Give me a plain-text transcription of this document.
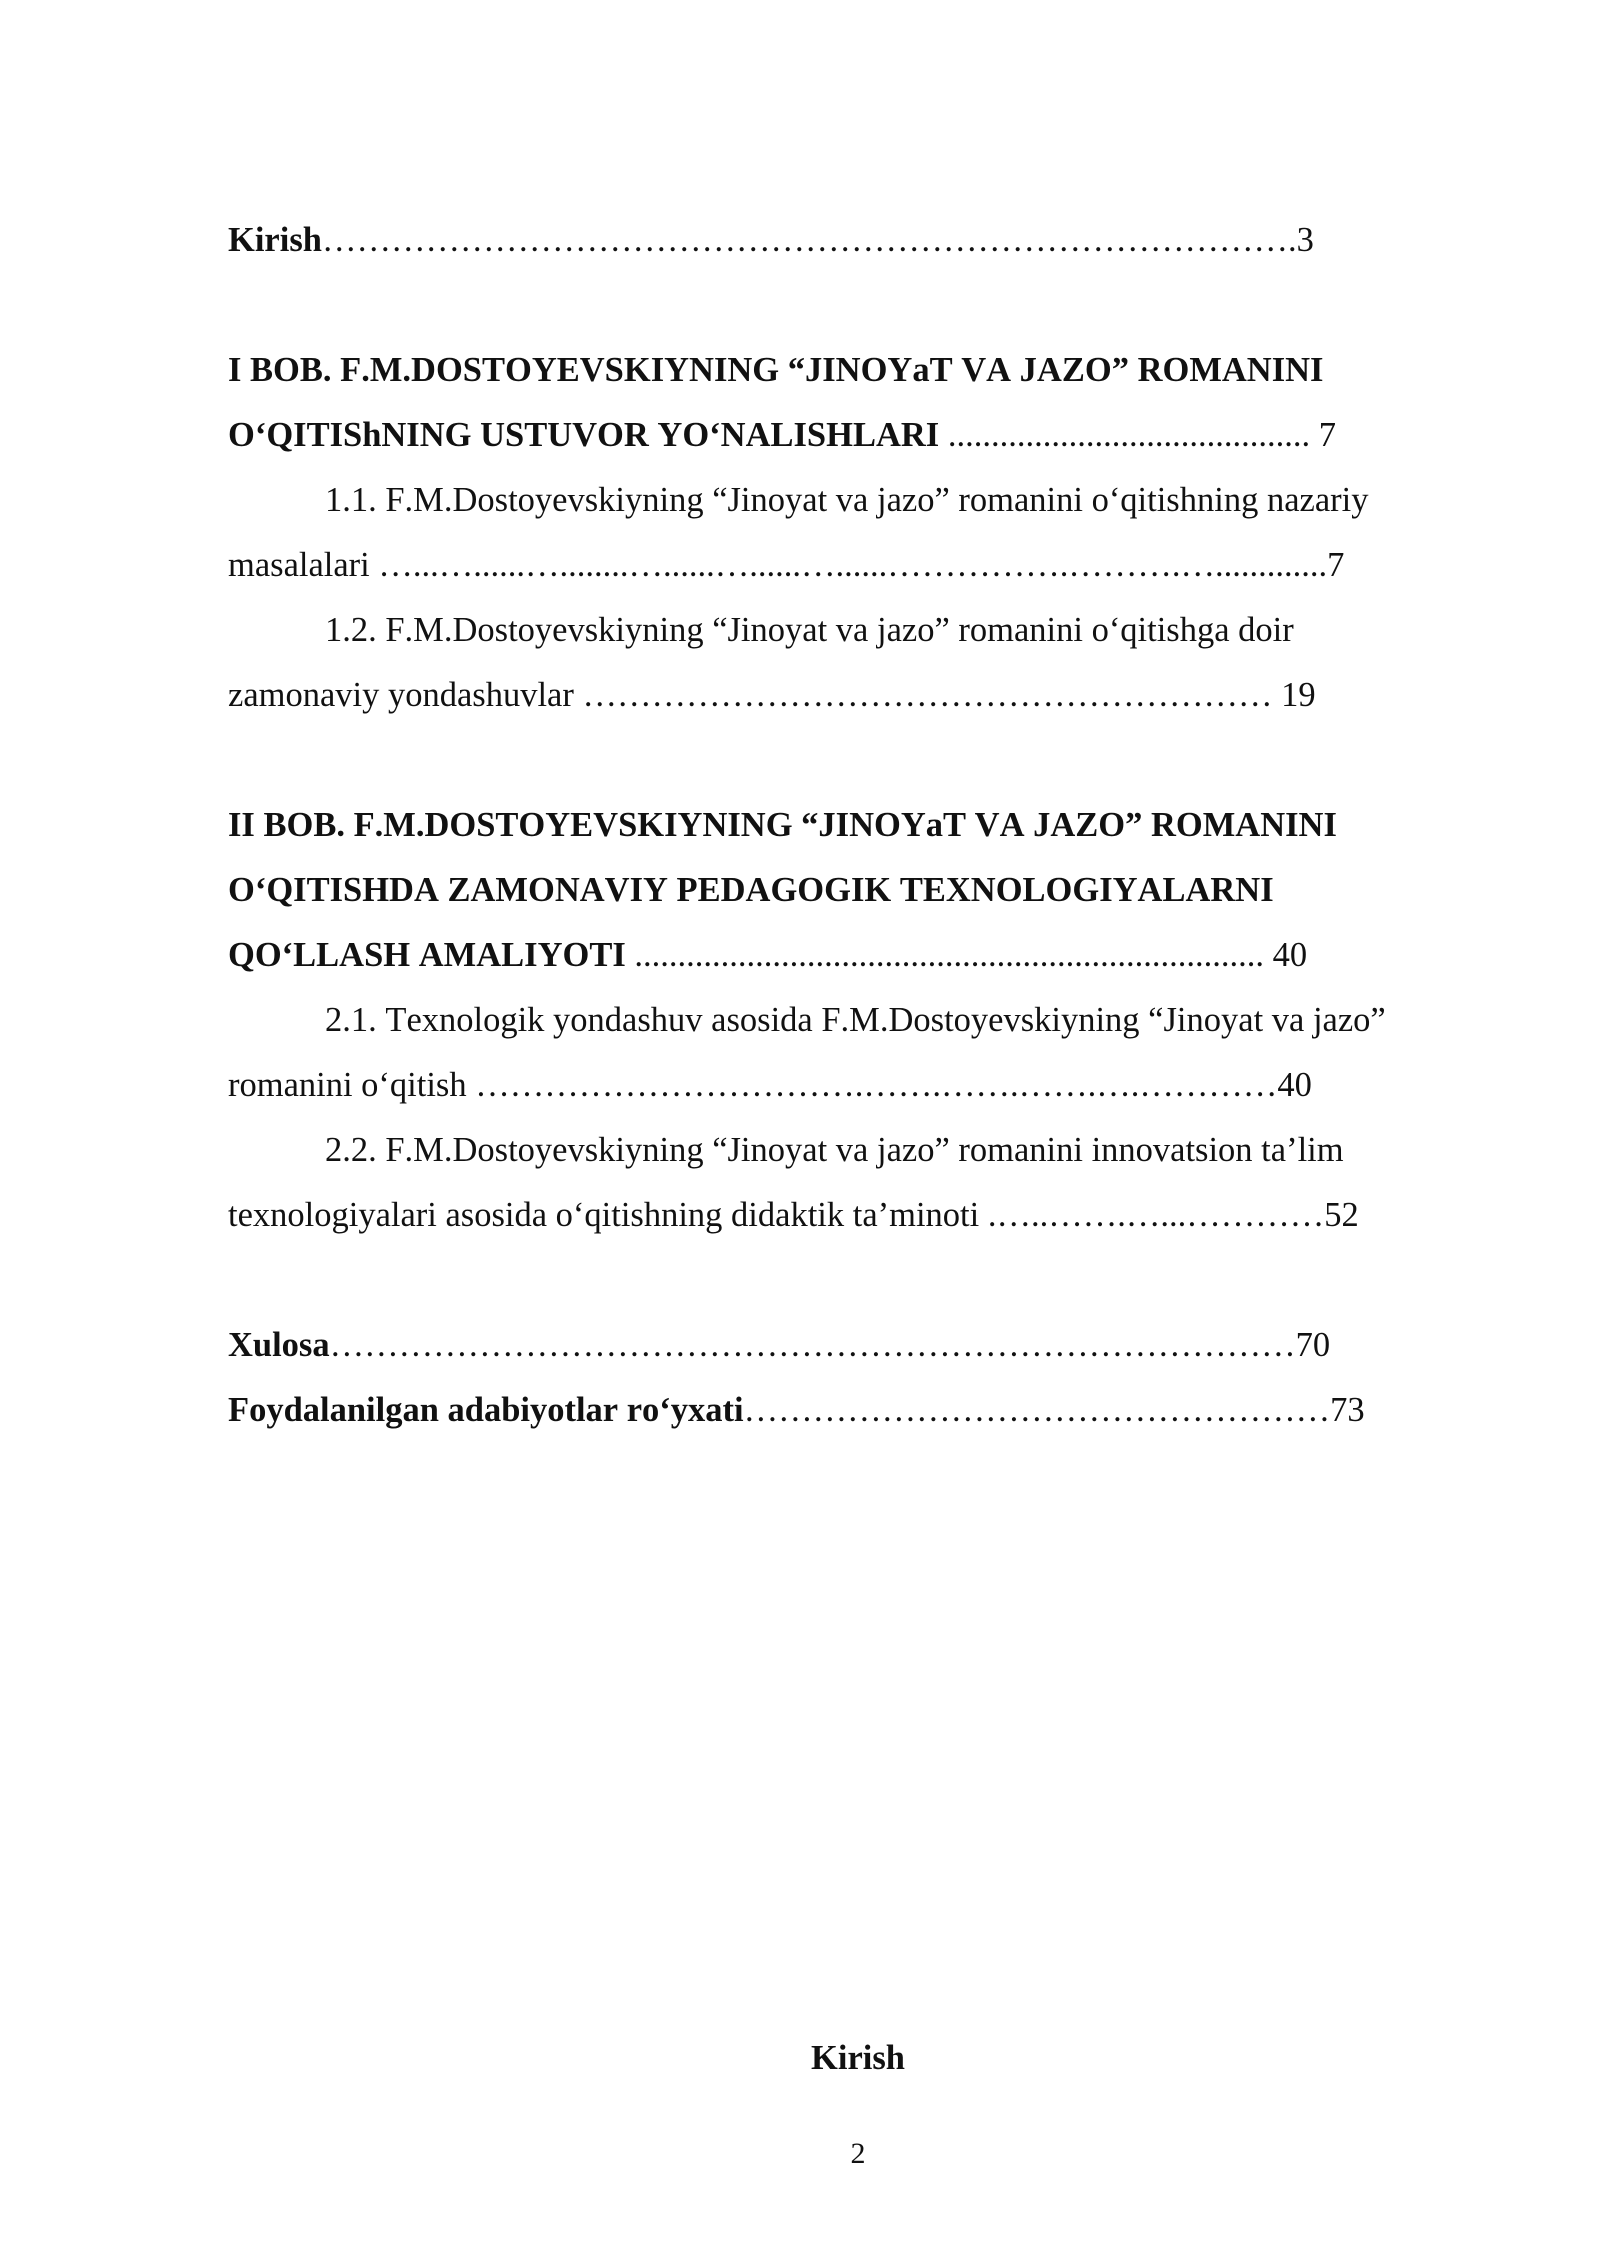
Kirish………………………………………………………………………….3
I BOB. F.M.DOSTOYEVSKIYNING “JINOYaT VA JAZO” ROMANINI
O‘QITIShNING USTUVOR YO‘NALISHLARI .......................................... 7
1.1. F.M.Dostoyevskiyning “Jinoyat va jazo” romanini o‘qitishning nazariy
masalalari …...…......…........…......…......…......…………….……….….............7
1.2. F.M.Dostoyevskiyning “Jinoyat va jazo” romanini o‘qitishga doir
zamonaviy yondashuvlar …………………………………………………… 19
II BOB. F.M.DOSTOYEVSKIYNING “JINOYaT VA JAZO” ROMANINI
O‘QITISHDA ZAMONAVIY PEDAGOGIK TEXNOLOGIYALARNI
QO‘LLASH AMALIYOTI ......................................................................... 40
2.1. Texnologik yondashuv asosida F.M.Dostoyevskiyning “Jinoyat va jazo”
romanini o‘qitish …………………………….…….…….…….….…………40
2.2. F.M.Dostoyevskiyning “Jinoyat va jazo” romanini innovatsion ta’lim
texnologiyalari asosida o‘qitishning didaktik ta’minoti .…..…….…...…………52
Xulosa…………………………………………………………………………70
Foydalanilgan adabiyotlar ro‘yxati……………………………………………73
Kirish
2
